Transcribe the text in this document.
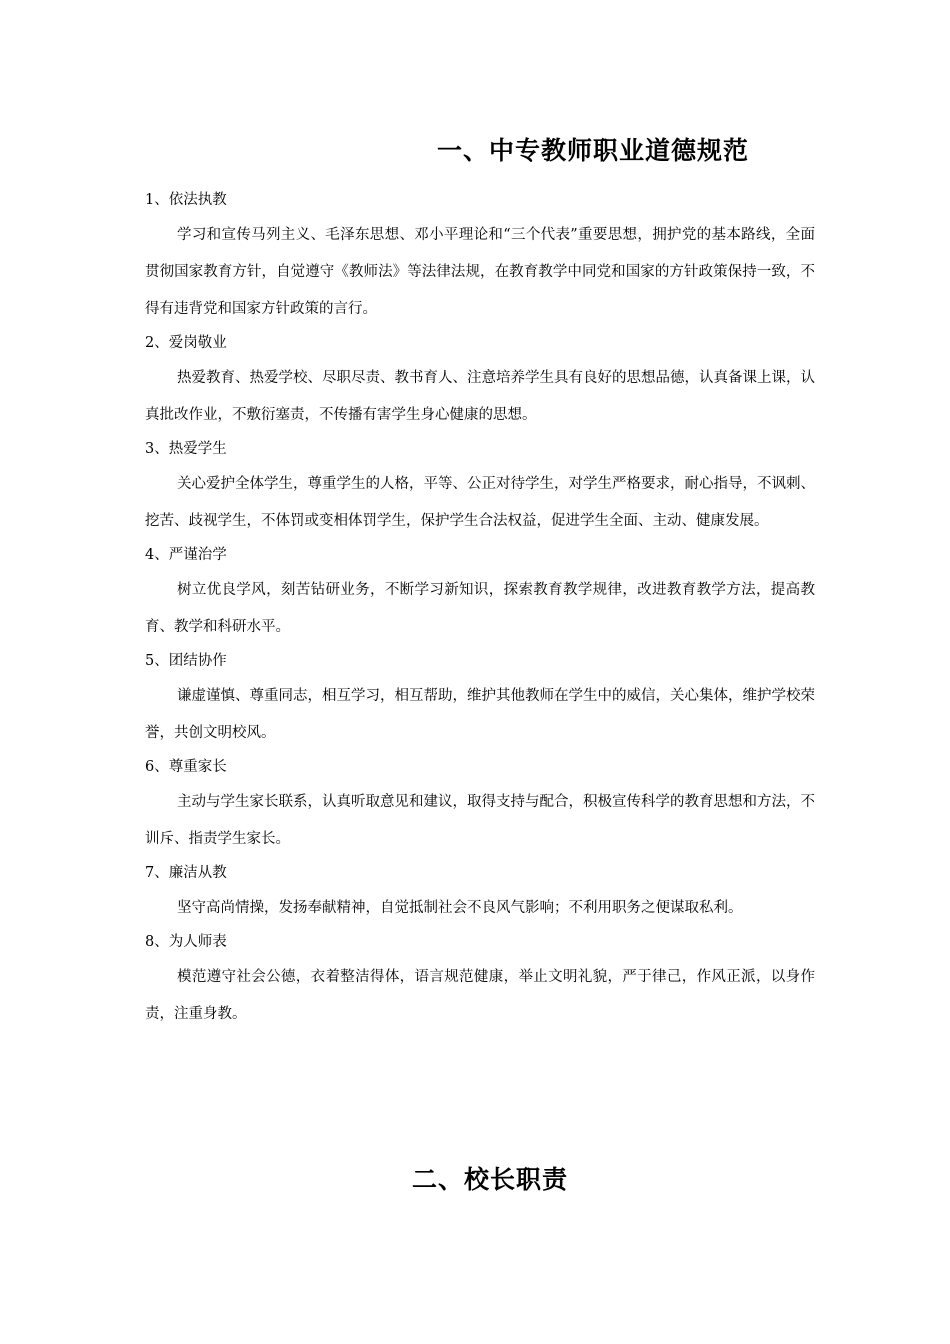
一、中专教师职业道德规范
1、依法执教
学习和宣传马列主义、毛泽东思想、邓小平理论和“三个代表”重要思想，拥护党的基本路线，全面贯彻国家教育方针，自觉遵守《教师法》等法律法规，在教育教学中同党和国家的方针政策保持一致，不得有违背党和国家方针政策的言行。
2、爱岗敬业
热爱教育、热爱学校、尽职尽责、教书育人、注意培养学生具有良好的思想品德，认真备课上课，认真批改作业，不敷衍塞责，不传播有害学生身心健康的思想。
3、热爱学生
关心爱护全体学生，尊重学生的人格，平等、公正对待学生，对学生严格要求，耐心指导，不讽刺、挖苦、歧视学生，不体罚或变相体罚学生，保护学生合法权益，促进学生全面、主动、健康发展。
4、严谨治学
树立优良学风，刻苦钻研业务，不断学习新知识，探索教育教学规律，改进教育教学方法，提高教育、教学和科研水平。
5、团结协作
谦虚谨慎、尊重同志，相互学习，相互帮助，维护其他教师在学生中的威信，关心集体，维护学校荣誉，共创文明校风。
6、尊重家长
主动与学生家长联系，认真听取意见和建议，取得支持与配合，积极宣传科学的教育思想和方法，不训斥、指责学生家长。
7、廉洁从教
坚守高尚情操，发扬奉献精神，自觉抵制社会不良风气影响；不利用职务之便谋取私利。
8、为人师表
模范遵守社会公德，衣着整洁得体，语言规范健康，举止文明礼貌，严于律己，作风正派，以身作责，注重身教。
二、校长职责
